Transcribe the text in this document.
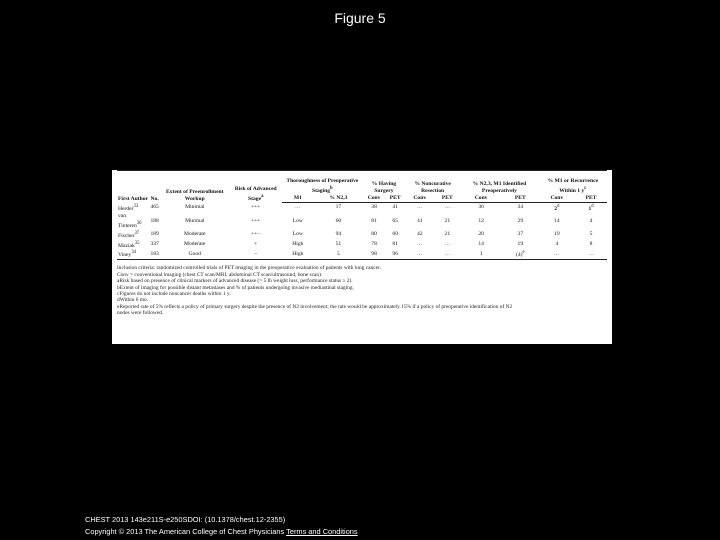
Figure 5
First Author	No.	Extent of Preenrollment Workup	Risk of Advanced Stage$^a$	Thoroughness of Preoperative Staging$^b$		% Having Surgery		% Noncurative Resection		% N2,3, M1 Identified Preoperatively		% M1 or Recurrence Within 1 $y^c$
				M1	% N2,3	Conv	PET	Conv	PET	Conv	PET	Conv	PET
Herder$^{33}$	465	Minimal	+++	…	17	38	41	…	…	36	34	2$^d$	1$^d$
van Tinteren$^{36}$	188	Minimal	+++	Low	60	81	65	41	21	12	29	14	4
Fischer$^{37}$	189	Moderate	++−	Low	94	80	60	42	21	20	37	19	5
Maziak$^{35}$	337	Moderate	+	High	51	78	81	…	…	14	19	4	8
Viney$^{34}$	183	Good	−	High	5	98	96	…	…	1	$(4)^e$	…	…
Inclusion criteria: randomized controlled trials of PET imaging in the preoperative evaluation of patients with lung cancer.
Conv = conventional imaging (chest CT scan/MRI, abdominal CT scan/ultrasound, bone scan).
aRisk based on presence of clinical markers of advanced disease (> 5 lb weight loss, performance status ≥ 2).
bExtent of imaging for possible distant metastases and % of patients undergoing invasive mediastinal staging.
cFigures do not include noncancer deaths within 1 y.
dWithin 6 mo.
eReported rate of 5% reflects a policy of primary surgery despite the presence of N2 involvement; the rate would be approximately 15% if a policy of preoperative identification of N2
nodes were followed.
CHEST 2013 143e211S-e250SDOI: (10.1378/chest.12-2355)
Copyright © 2013 The American College of Chest Physicians Terms and Conditions
